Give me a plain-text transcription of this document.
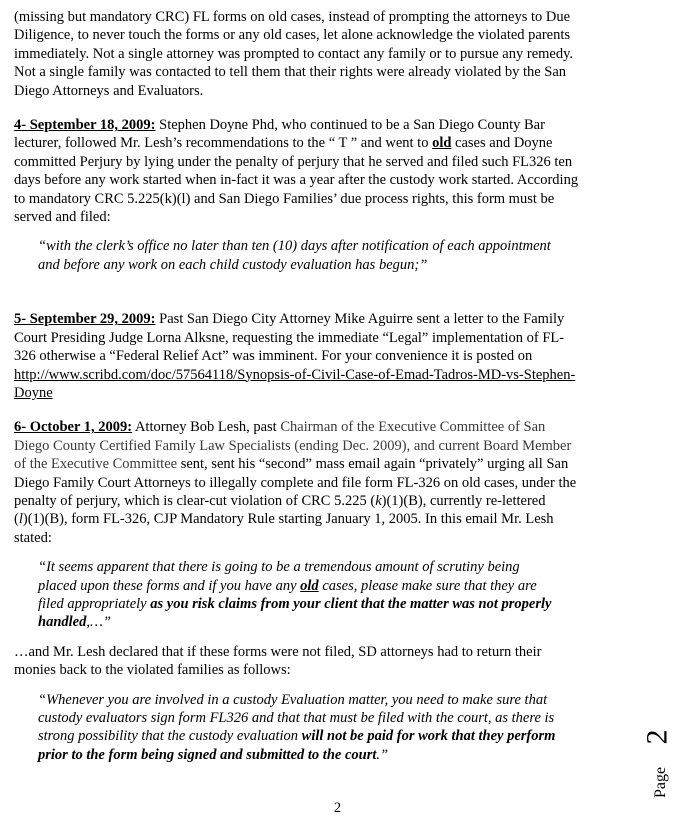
(missing but mandatory CRC) FL forms on old cases, instead of prompting the attorneys to Due

Diligence, to never touch the forms or any old cases, let alone acknowledge the violated parents

immediately. Not a single attorney was prompted to contact any family or to pursue any remedy.

Not a single family was contacted to tell them that their rights were already violated by the San

Diego Attorneys and Evaluators.

4- September 18, 2009: Stephen Doyne Phd, who continued to be a San Diego County Bar

lecturer, followed Mr. Lesh’s recommendations to the “ T ” and went to old cases and Doyne

committed Perjury by lying under the penalty of perjury that he served and filed such FL326 ten

days before any work started when in-fact it was a year after the custody work started. According

to mandatory CRC 5.225(k)(l) and San Diego Families’ due process rights, this form must be

served and filed:

“with the clerk’s office no later than ten (10) days after notification of each appointment

and before any work on each child custody evaluation has begun;”

5- September 29, 2009: Past San Diego City Attorney Mike Aguirre sent a letter to the Family

Court Presiding Judge Lorna Alksne, requesting the immediate “Legal” implementation of FL-

326 otherwise a “Federal Relief Act” was imminent. For your convenience it is posted on

http://www.scribd.com/doc/57564118/Synopsis-of-Civil-Case-of-Emad-Tadros-MD-vs-Stephen-

Doyne

6- October 1, 2009: Attorney Bob Lesh, past Chairman of the Executive Committee of San

Diego County Certified Family Law Specialists (ending Dec. 2009), and current Board Member

of the Executive Committee sent, sent his “second” mass email again “privately” urging all San

Diego Family Court Attorneys to illegally complete and file form FL-326 on old cases, under the

penalty of perjury, which is clear-cut violation of CRC 5.225 (k)(1)(B), currently re-lettered

(l)(1)(B), form FL-326, CJP Mandatory Rule starting January 1, 2005. In this email Mr. Lesh

stated:

“It seems apparent that there is going to be a tremendous amount of scrutiny being

placed upon these forms and if you have any old cases, please make sure that they are

filed appropriately as you risk claims from your client that the matter was not properly

handled,…”

…and Mr. Lesh declared that if these forms were not filed, SD attorneys had to return their

monies back to the violated families as follows:

“Whenever you are involved in a custody Evaluation matter, you need to make sure that

custody evaluators sign form FL326 and that that must be filed with the court, as there is

strong possibility that the custody evaluation will not be paid for work that they perform

prior to the form being signed and submitted to the court.”

2
Page
2
